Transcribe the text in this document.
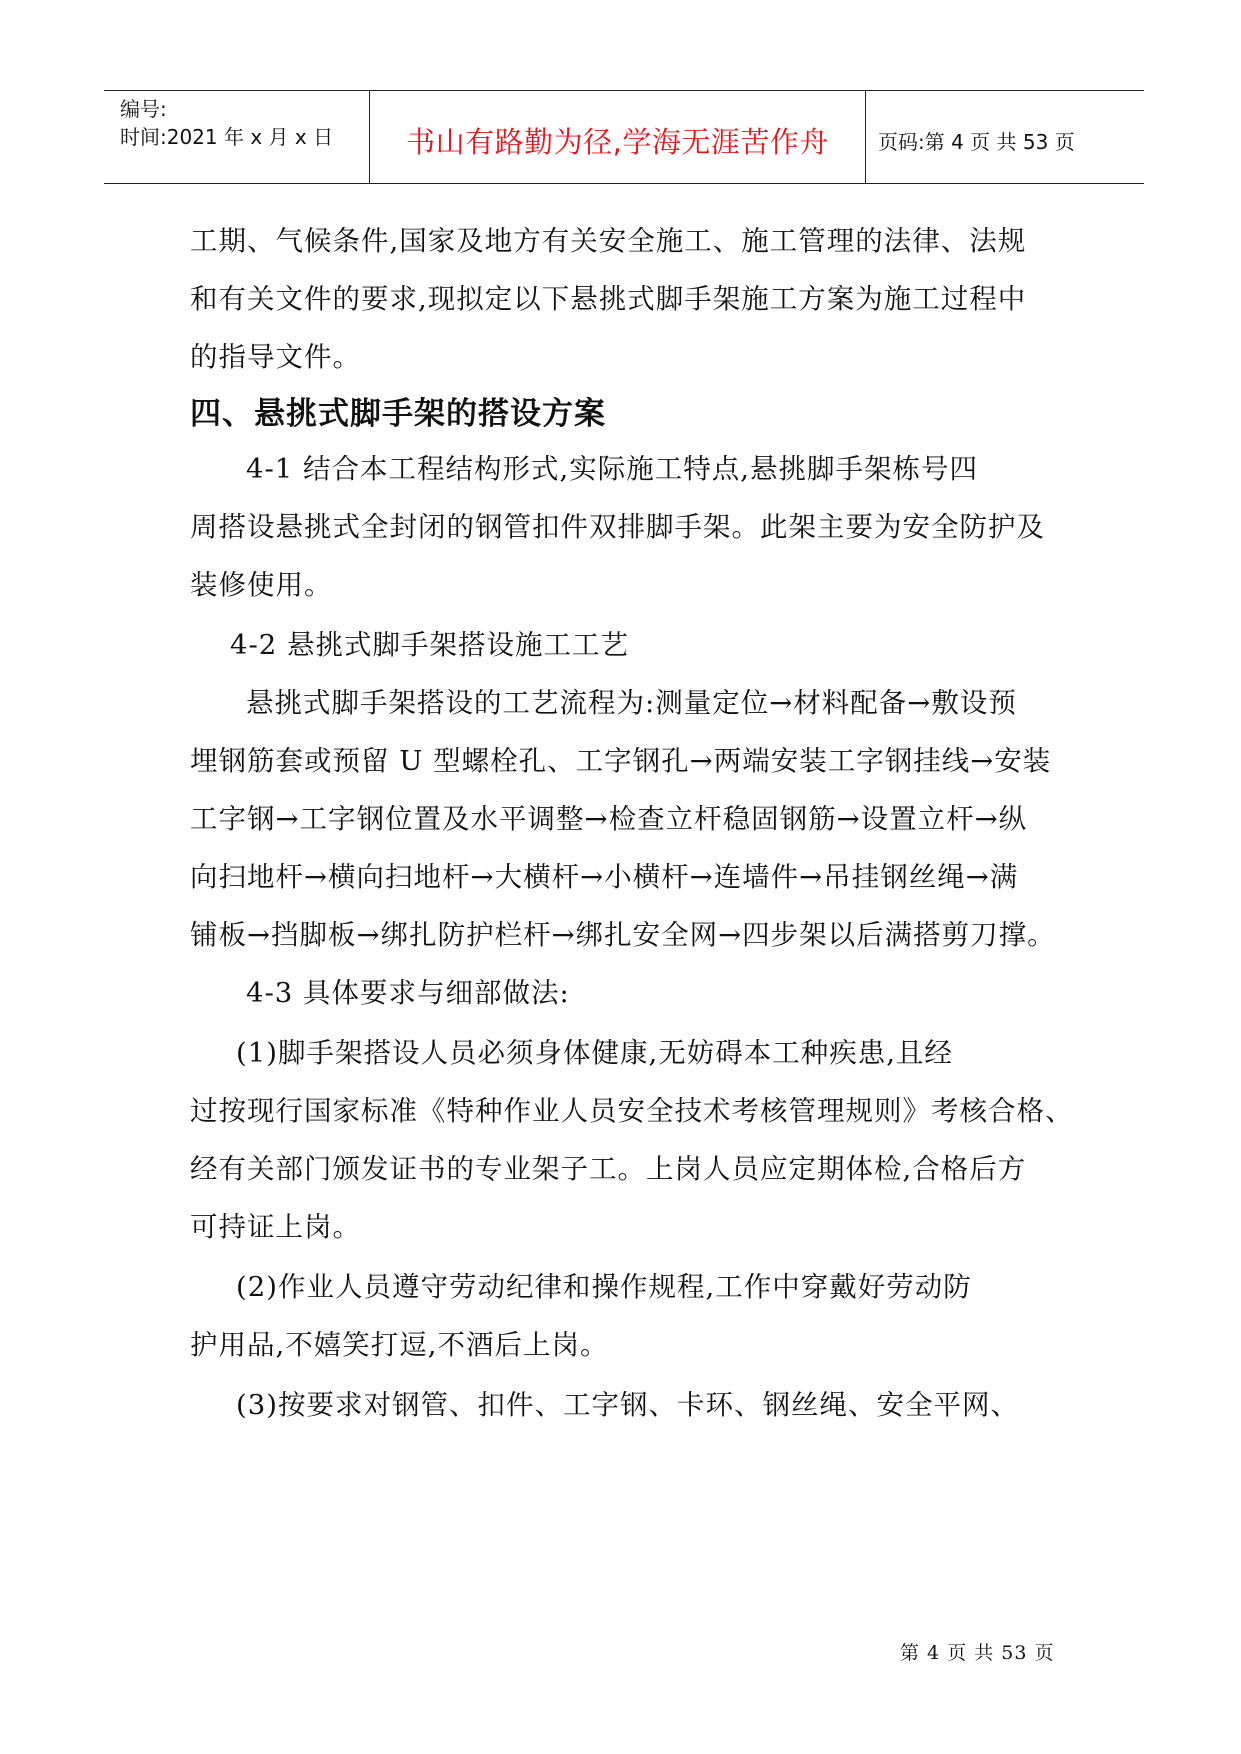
编号:
时间:2021 年 x 月 x 日	书山有路勤为径,学海无涯苦作舟 页码:第 4 页 共 53 页
工期、气候条件,国家及地方有关安全施工、施工管理的法律、法规
和有关文件的要求,现拟定以下悬挑式脚手架施工方案为施工过程中
的指导文件。
四、悬挑式脚手架的搭设方案
4-1 结合本工程结构形式,实际施工特点,悬挑脚手架栋号四
周搭设悬挑式全封闭的钢管扣件双排脚手架。此架主要为安全防护及
装修使用。
4-2 悬挑式脚手架搭设施工工艺
悬挑式脚手架搭设的工艺流程为:测量定位→材料配备→敷设预
埋钢筋套或预留 U 型螺栓孔、工字钢孔→两端安装工字钢挂线→安装
工字钢→工字钢位置及水平调整→检查立杆稳固钢筋→设置立杆→纵
向扫地杆→横向扫地杆→大横杆→小横杆→连墙件→吊挂钢丝绳→满
铺板→挡脚板→绑扎防护栏杆→绑扎安全网→四步架以后满搭剪刀撑。
4-3 具体要求与细部做法:
(1)脚手架搭设人员必须身体健康,无妨碍本工种疾患,且经
过按现行国家标准《特种作业人员安全技术考核管理规则》考核合格、
经有关部门颁发证书的专业架子工。上岗人员应定期体检,合格后方
可持证上岗。
(2)作业人员遵守劳动纪律和操作规程,工作中穿戴好劳动防
护用品,不嬉笑打逗,不酒后上岗。
(3)按要求对钢管、扣件、工字钢、卡环、钢丝绳、安全平网、
第 4 页 共 53 页
